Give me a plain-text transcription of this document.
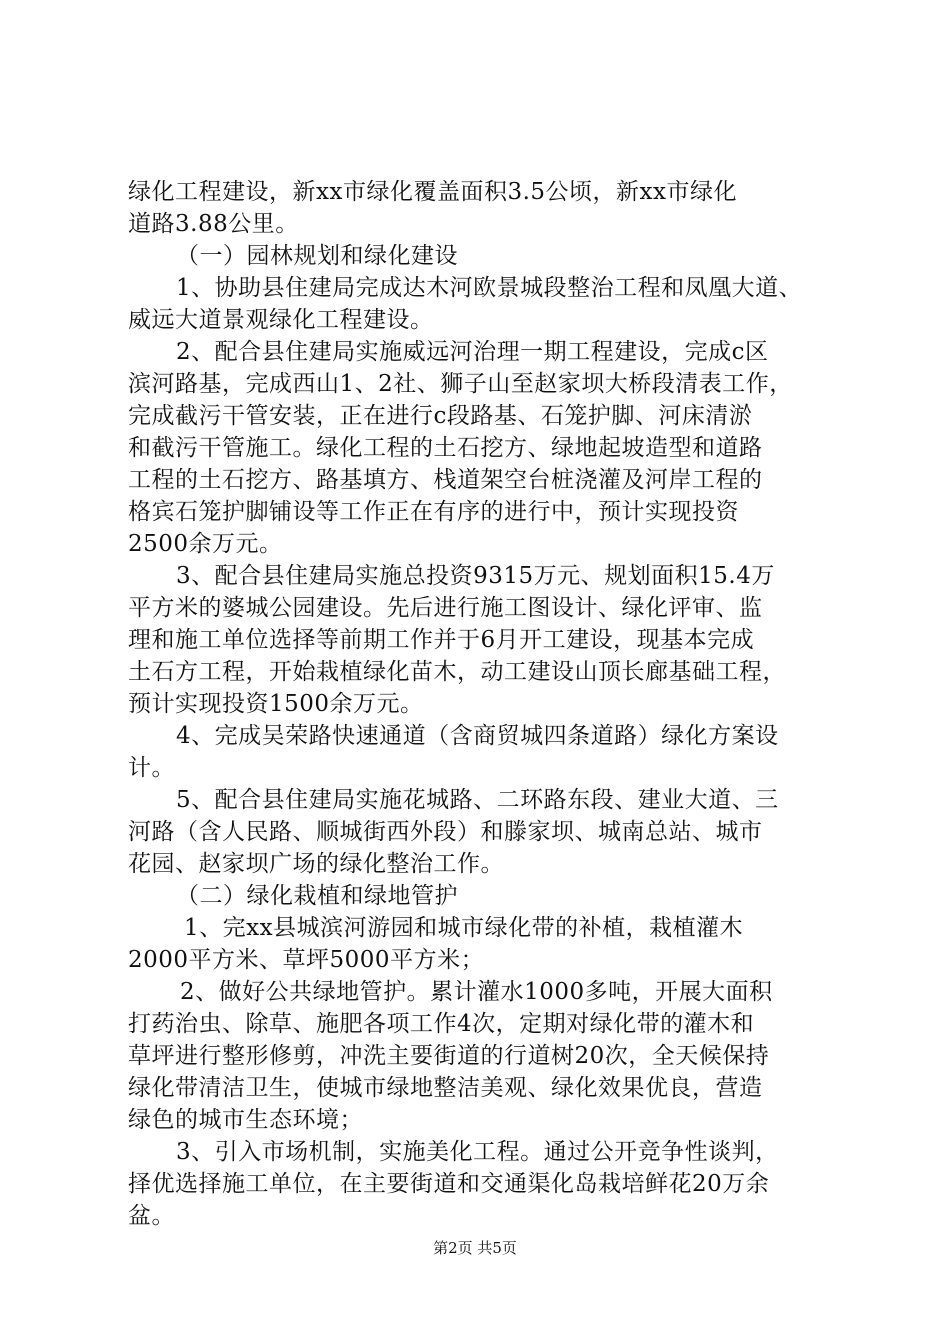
绿化工程建设，新xx市绿化覆盖面积3.5公顷，新xx市绿化
道路3.88公里。
（一）园林规划和绿化建设
1、协助县住建局完成达木河欧景城段整治工程和凤凰大道、
威远大道景观绿化工程建设。
2、配合县住建局实施威远河治理一期工程建设，完成c区
滨河路基，完成西山1、2社、狮子山至赵家坝大桥段清表工作，
完成截污干管安装，正在进行c段路基、石笼护脚、河床清淤
和截污干管施工。绿化工程的土石挖方、绿地起坡造型和道路
工程的土石挖方、路基填方、栈道架空台桩浇灌及河岸工程的
格宾石笼护脚铺设等工作正在有序的进行中，预计实现投资
2500余万元。
3、配合县住建局实施总投资9315万元、规划面积15.4万
平方米的婆城公园建设。先后进行施工图设计、绿化评审、监
理和施工单位选择等前期工作并于6月开工建设，现基本完成
土石方工程，开始栽植绿化苗木，动工建设山顶长廊基础工程，
预计实现投资1500余万元。
4、完成吴荣路快速通道（含商贸城四条道路）绿化方案设
计。
5、配合县住建局实施花城路、二环路东段、建业大道、三
河路（含人民路、顺城街西外段）和滕家坝、城南总站、城市
花园、赵家坝广场的绿化整治工作。
（二）绿化栽植和绿地管护
1、完xx县城滨河游园和城市绿化带的补植，栽植灌木
2000平方米、草坪5000平方米；
2、做好公共绿地管护。累计灌水1000多吨，开展大面积
打药治虫、除草、施肥各项工作4次，定期对绿化带的灌木和
草坪进行整形修剪，冲洗主要街道的行道树20次，全天候保持
绿化带清洁卫生，使城市绿地整洁美观、绿化效果优良，营造
绿色的城市生态环境；
3、引入市场机制，实施美化工程。通过公开竞争性谈判，
择优选择施工单位，在主要街道和交通渠化岛栽培鲜花20万余
盆。
第2页 共5页
